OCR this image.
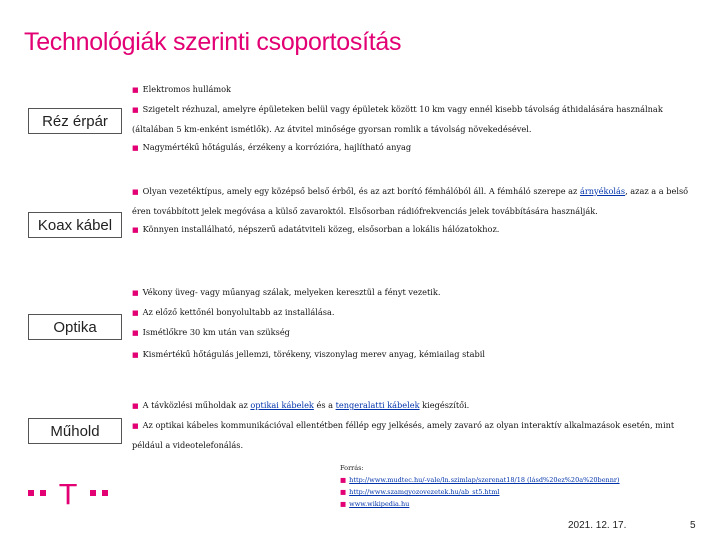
Technológiák szerinti csoportosítás
Réz érpár
■ Elektromos hullámok
■ Szigetelt rézhuzal, amelyre épületeken belül vagy épületek között 10 km vagy ennél kisebb távolság áthidalására használnak (általában 5 km-enként ismétlők). Az átvitel minősége gyorsan romlik a távolság növekedésével.
■ Nagymértékű hőtágulás, érzékeny a korrózióra, hajlítható anyag
Koax kábel
■ Olyan vezetéktípus, amely egy középső belső érből, és az azt borító fémhálóból áll. A fémháló szerepe az árnyékolás, azaz a a belső éren továbbított jelek megóvása a külső zavaroktól. Elsősorban rádiófrekvenciás jelek továbbítására használják.
■ Könnyen installálható, népszerű adatátviteli közeg, elsősorban a lokális hálózatokhoz.
Optika
■ Vékony üveg- vagy műanyag szálak, melyeken keresztül a fényt vezetik.
■ Az előző kettőnél bonyolultabb az installálása.
■ Ismétlőkre 30 km után van szükség
■ Kismértékű hőtágulás jellemzi, törékeny, viszonylag merev anyag, kémiailag stabil
Műhold
■ A távközlési műholdak az optikai kábelek és a tengeralatti kábelek kiegészítői.
■ Az optikai kábeles kommunikációval ellentétben féllép egy jelkésés, amely zavaró az olyan interaktív alkalmazások esetén, mint például a videotelefonálás.
Forrás:
■ http://www.mudtec.hu/-vale/ln.szimlap/szerenat18/18 (lásd%20ez%20a%20bennr)
■ http://www.szamgyozovezetek.hu/ab_st5.html
■ www.wikipedia.hu
T
2021. 12. 17.	5
